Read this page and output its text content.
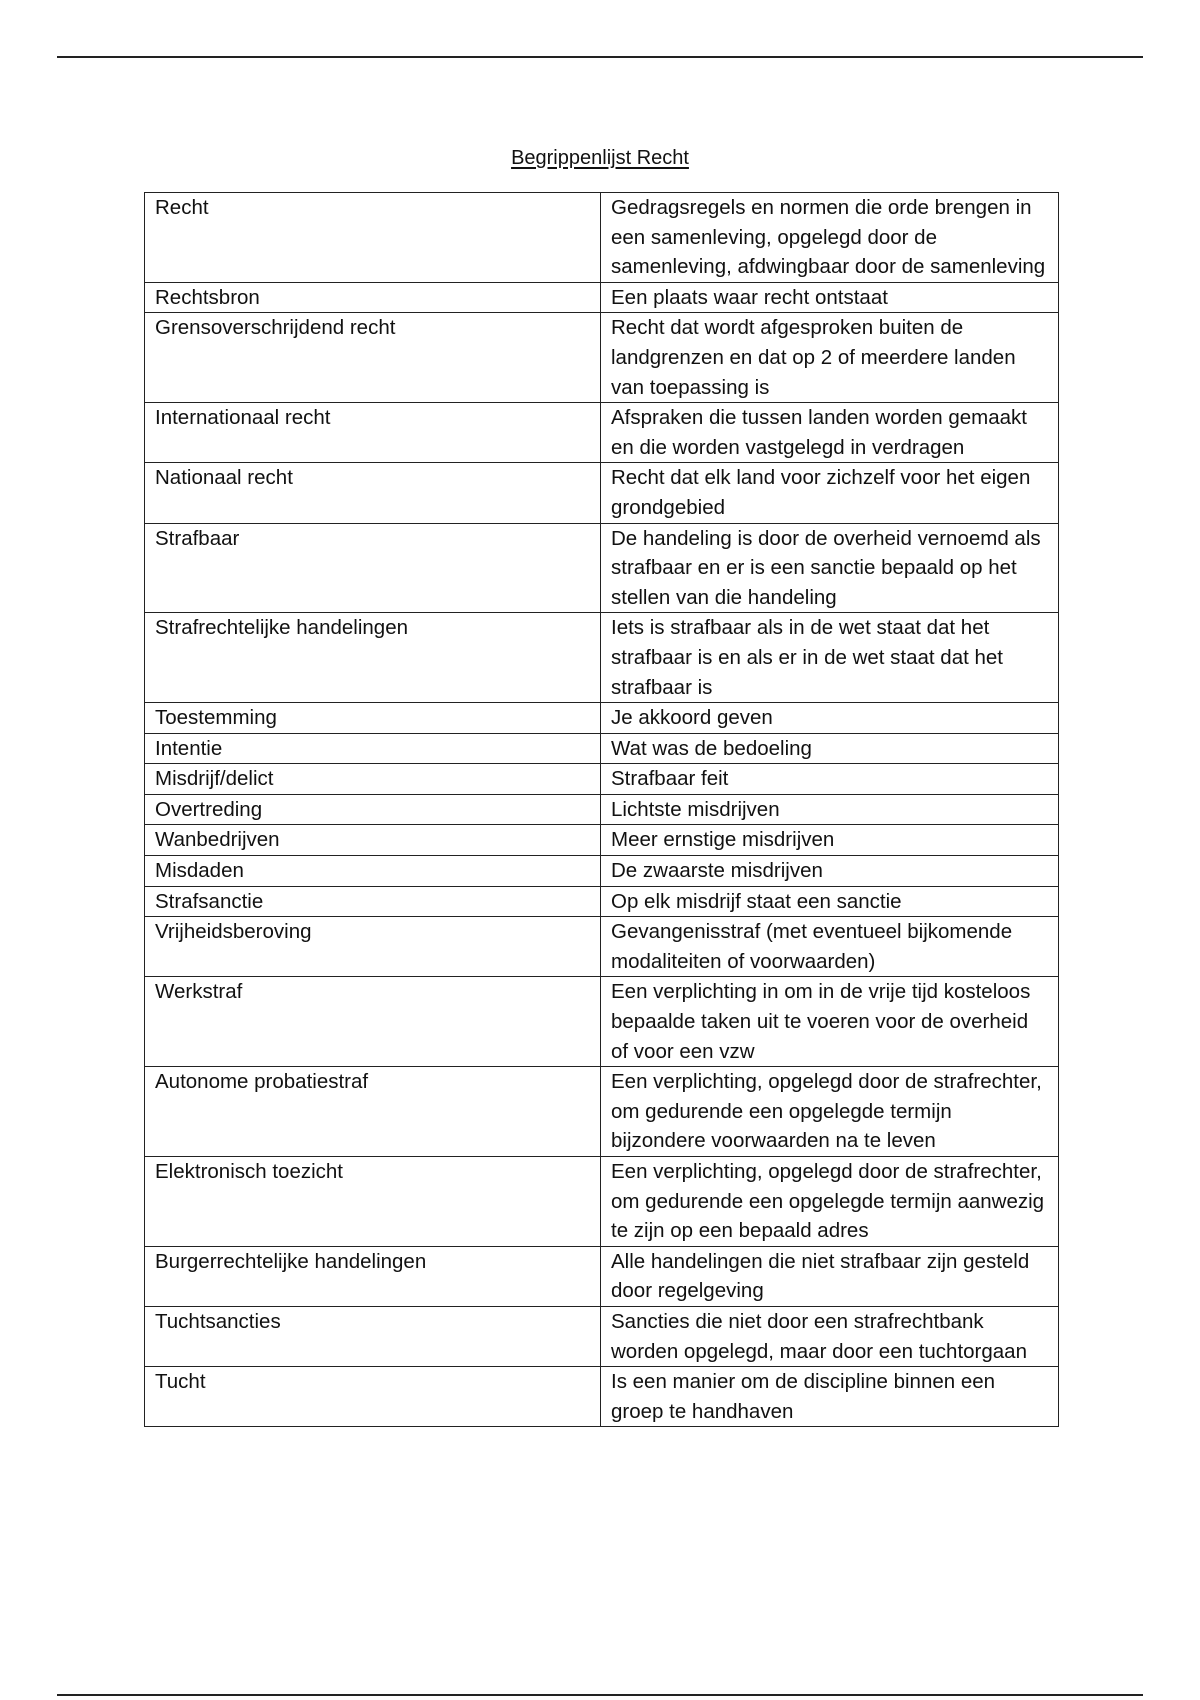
Begrippenlijst Recht
Recht	Gedragsregels en normen die orde brengen in een samenleving, opgelegd door de samenleving, afdwingbaar door de samenleving
Rechtsbron	Een plaats waar recht ontstaat
Grensoverschrijdend recht	Recht dat wordt afgesproken buiten de landgrenzen en dat op 2 of meerdere landen van toepassing is
Internationaal recht	Afspraken die tussen landen worden gemaakt en die worden vastgelegd in verdragen
Nationaal recht	Recht dat elk land voor zichzelf voor het eigen grondgebied
Strafbaar	De handeling is door de overheid vernoemd als strafbaar en er is een sanctie bepaald op het stellen van die handeling
Strafrechtelijke handelingen	Iets is strafbaar als in de wet staat dat het strafbaar is en als er in de wet staat dat het strafbaar is
Toestemming	Je akkoord geven
Intentie	Wat was de bedoeling
Misdrijf/delict	Strafbaar feit
Overtreding	Lichtste misdrijven
Wanbedrijven	Meer ernstige misdrijven
Misdaden	De zwaarste misdrijven
Strafsanctie	Op elk misdrijf staat een sanctie
Vrijheidsberoving	Gevangenisstraf (met eventueel bijkomende modaliteiten of voorwaarden)
Werkstraf	Een verplichting in om in de vrije tijd kosteloos bepaalde taken uit te voeren voor de overheid of voor een vzw
Autonome probatiestraf	Een verplichting, opgelegd door de strafrechter, om gedurende een opgelegde termijn bijzondere voorwaarden na te leven
Elektronisch toezicht	Een verplichting, opgelegd door de strafrechter, om gedurende een opgelegde termijn aanwezig te zijn op een bepaald adres
Burgerrechtelijke handelingen	Alle handelingen die niet strafbaar zijn gesteld door regelgeving
Tuchtsancties	Sancties die niet door een strafrechtbank worden opgelegd, maar door een tuchtorgaan
Tucht	Is een manier om de discipline binnen een groep te handhaven
